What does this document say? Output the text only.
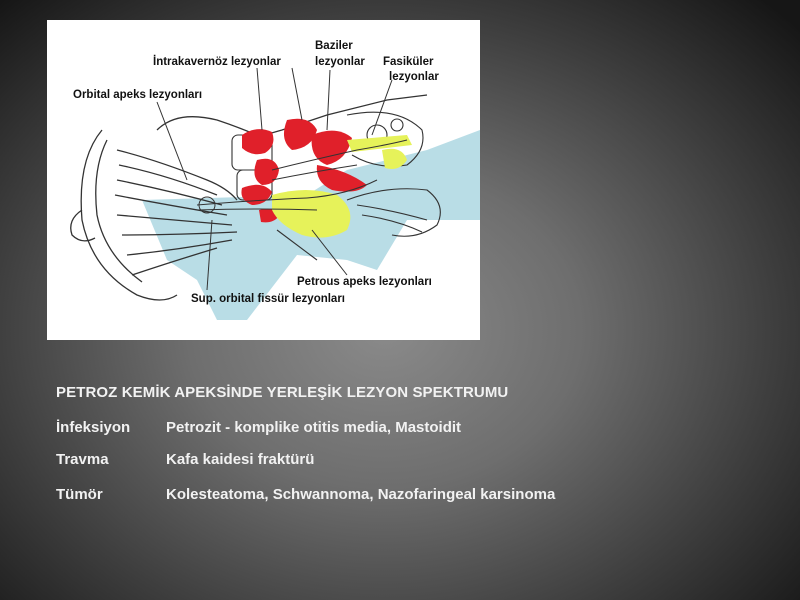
İntrakavernöz lezyonlar
Baziler
lezyonlar Fasiküler
lezyonlar
Orbital apeks lezyonları
Petrous apeks lezyonları
Sup. orbital fissür lezyonları
PETROZ KEMİK APEKSİNDE YERLEŞİK LEZYON SPEKTRUMU
İnfeksiyon Petrozit - komplike otitis media, Mastoidit
Travma	Kafa kaidesi fraktürü
Tümör	Kolesteatoma, Schwannoma, Nazofaringeal karsinoma
